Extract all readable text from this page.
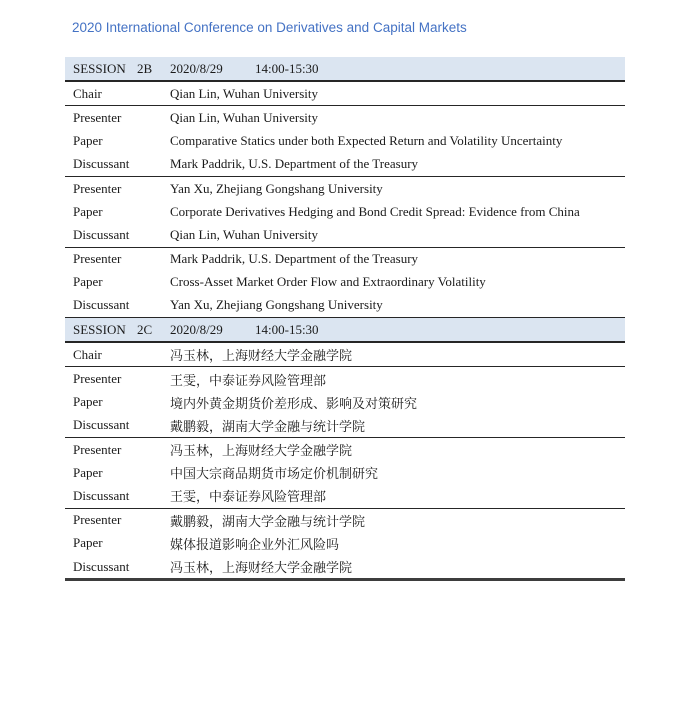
2020 International Conference on Derivatives and Capital Markets
SESSION 2B	2020/8/29	14:00-15:30
Chair	Qian Lin, Wuhan University
Presenter	Qian Lin, Wuhan University
Paper	Comparative Statics under both Expected Return and Volatility Uncertainty
Discussant	Mark Paddrik, U.S. Department of the Treasury
Presenter	Yan Xu, Zhejiang Gongshang University
Paper	Corporate Derivatives Hedging and Bond Credit Spread: Evidence from China
Discussant	Qian Lin, Wuhan University
Presenter	Mark Paddrik, U.S. Department of the Treasury
Paper	Cross-Asset Market Order Flow and Extraordinary Volatility
Discussant	Yan Xu, Zhejiang Gongshang University
SESSION 2C	2020/8/29	14:00-15:30
Chair	冯玉林，上海财经大学金融学院
Presenter	王雯，中泰证券风险管理部
Paper	境内外黄金期货价差形成、影响及对策研究
Discussant	戴鹏毅，湖南大学金融与统计学院
Presenter	冯玉林，上海财经大学金融学院
Paper	中国大宗商品期货市场定价机制研究
Discussant	王雯，中泰证券风险管理部
Presenter	戴鹏毅，湖南大学金融与统计学院
Paper	媒体报道影响企业外汇风险吗
Discussant	冯玉林，上海财经大学金融学院
